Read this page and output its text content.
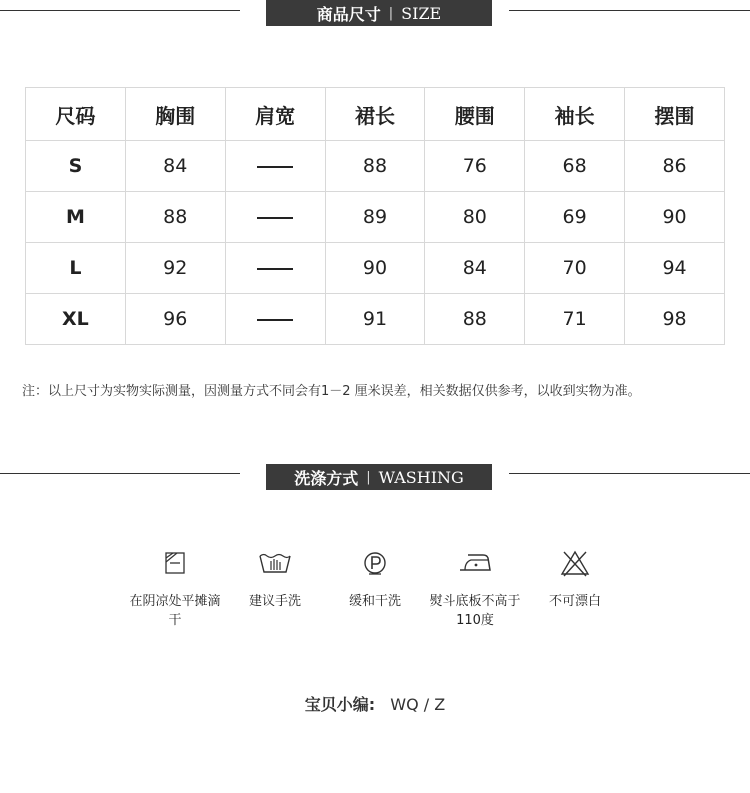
商品尺寸 | SIZE
尺码	胸围	肩宽	裙长	腰围	袖长	摆围
S	84		88	76	68	86
M	88		89	80	69	90
L	92		90	84	70	94
XL	96		91	88	71	98
注：以上尺寸为实物实际测量，因测量方式不同会有1－2 厘米误差，相关数据仅供参考，以收到实物为准。
洗涤方式 | WASHING
在阴凉处平摊滴干
建议手洗	缓和干洗	熨斗底板不高于110度
不可漂白
宝贝小编: WQ / Z
